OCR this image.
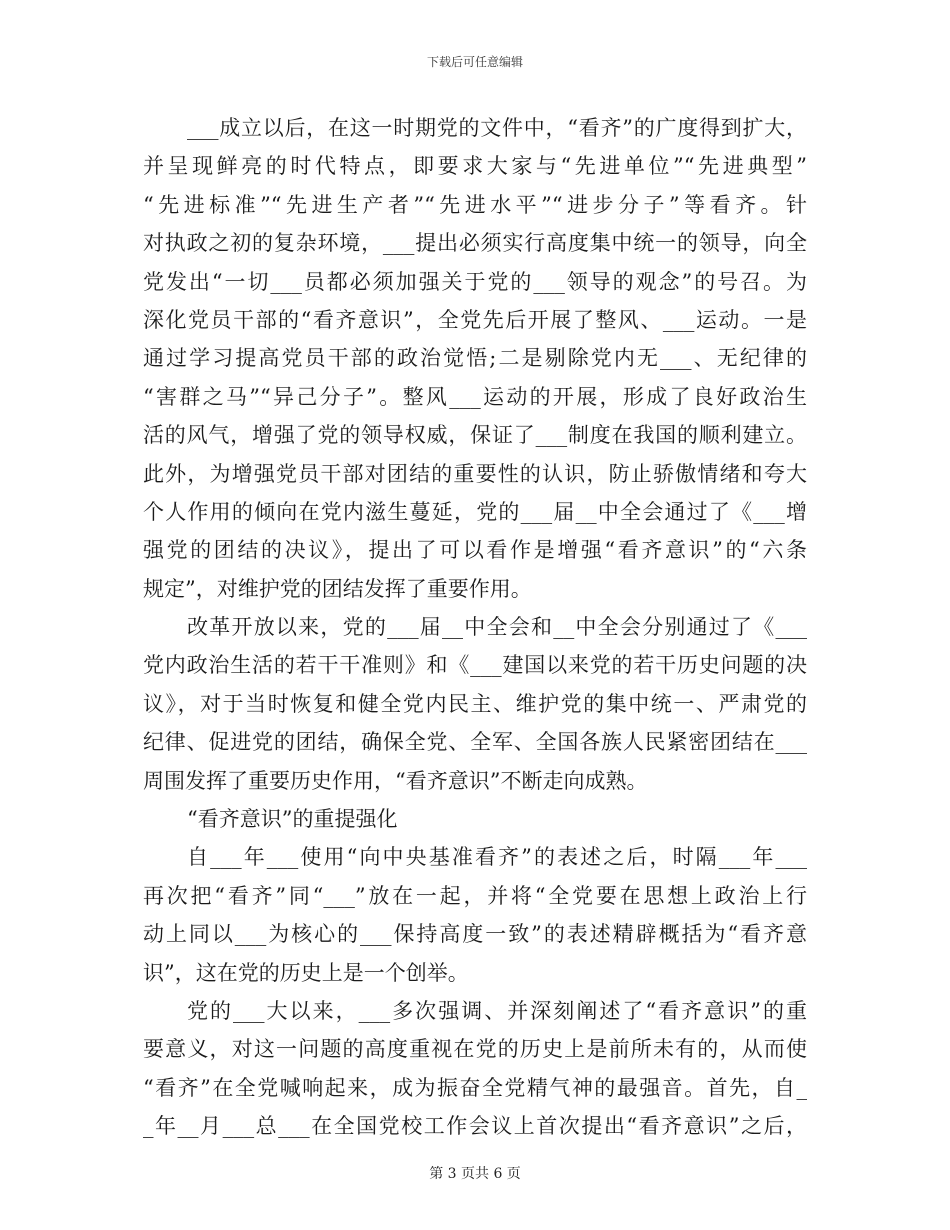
下载后可任意编辑
___成立以后，在这一时期党的文件中，“看齐”的广度得到扩大，
并呈现鲜亮的时代特点，即要求大家与“先进单位”“先进典型”
“先进标准”“先进生产者”“先进水平”“进步分子”等看齐。针
对执政之初的复杂环境，___提出必须实行高度集中统一的领导，向全
党发出“一切___员都必须加强关于党的___领导的观念”的号召。为
深化党员干部的“看齐意识”，全党先后开展了整风、___运动。一是
通过学习提高党员干部的政治觉悟;二是剔除党内无___、无纪律的
“害群之马”“异己分子”。整风___运动的开展，形成了良好政治生
活的风气，增强了党的领导权威，保证了___制度在我国的顺利建立。
此外，为增强党员干部对团结的重要性的认识，防止骄傲情绪和夸大
个人作用的倾向在党内滋生蔓延，党的___届__中全会通过了《___增
强党的团结的决议》，提出了可以看作是增强“看齐意识”的“六条
规定”，对维护党的团结发挥了重要作用。
改革开放以来，党的___届__中全会和__中全会分别通过了《___
党内政治生活的若干干准则》和《___建国以来党的若干历史问题的决
议》，对于当时恢复和健全党内民主、维护党的集中统一、严肃党的
纪律、促进党的团结，确保全党、全军、全国各族人民紧密团结在___
周围发挥了重要历史作用，“看齐意识”不断走向成熟。
“看齐意识”的重提强化
自___年___使用“向中央基准看齐”的表述之后，时隔___年___
再次把“看齐”同“___”放在一起，并将“全党要在思想上政治上行
动上同以___为核心的___保持高度一致”的表述精辟概括为“看齐意
识”，这在党的历史上是一个创举。
党的___大以来，___多次强调、并深刻阐述了“看齐意识”的重
要意义，对这一问题的高度重视在党的历史上是前所未有的，从而使
“看齐”在全党喊响起来，成为振奋全党精气神的最强音。首先，自_
_年__月___总___在全国党校工作会议上首次提出“看齐意识”之后，
第 3 页共 6 页
